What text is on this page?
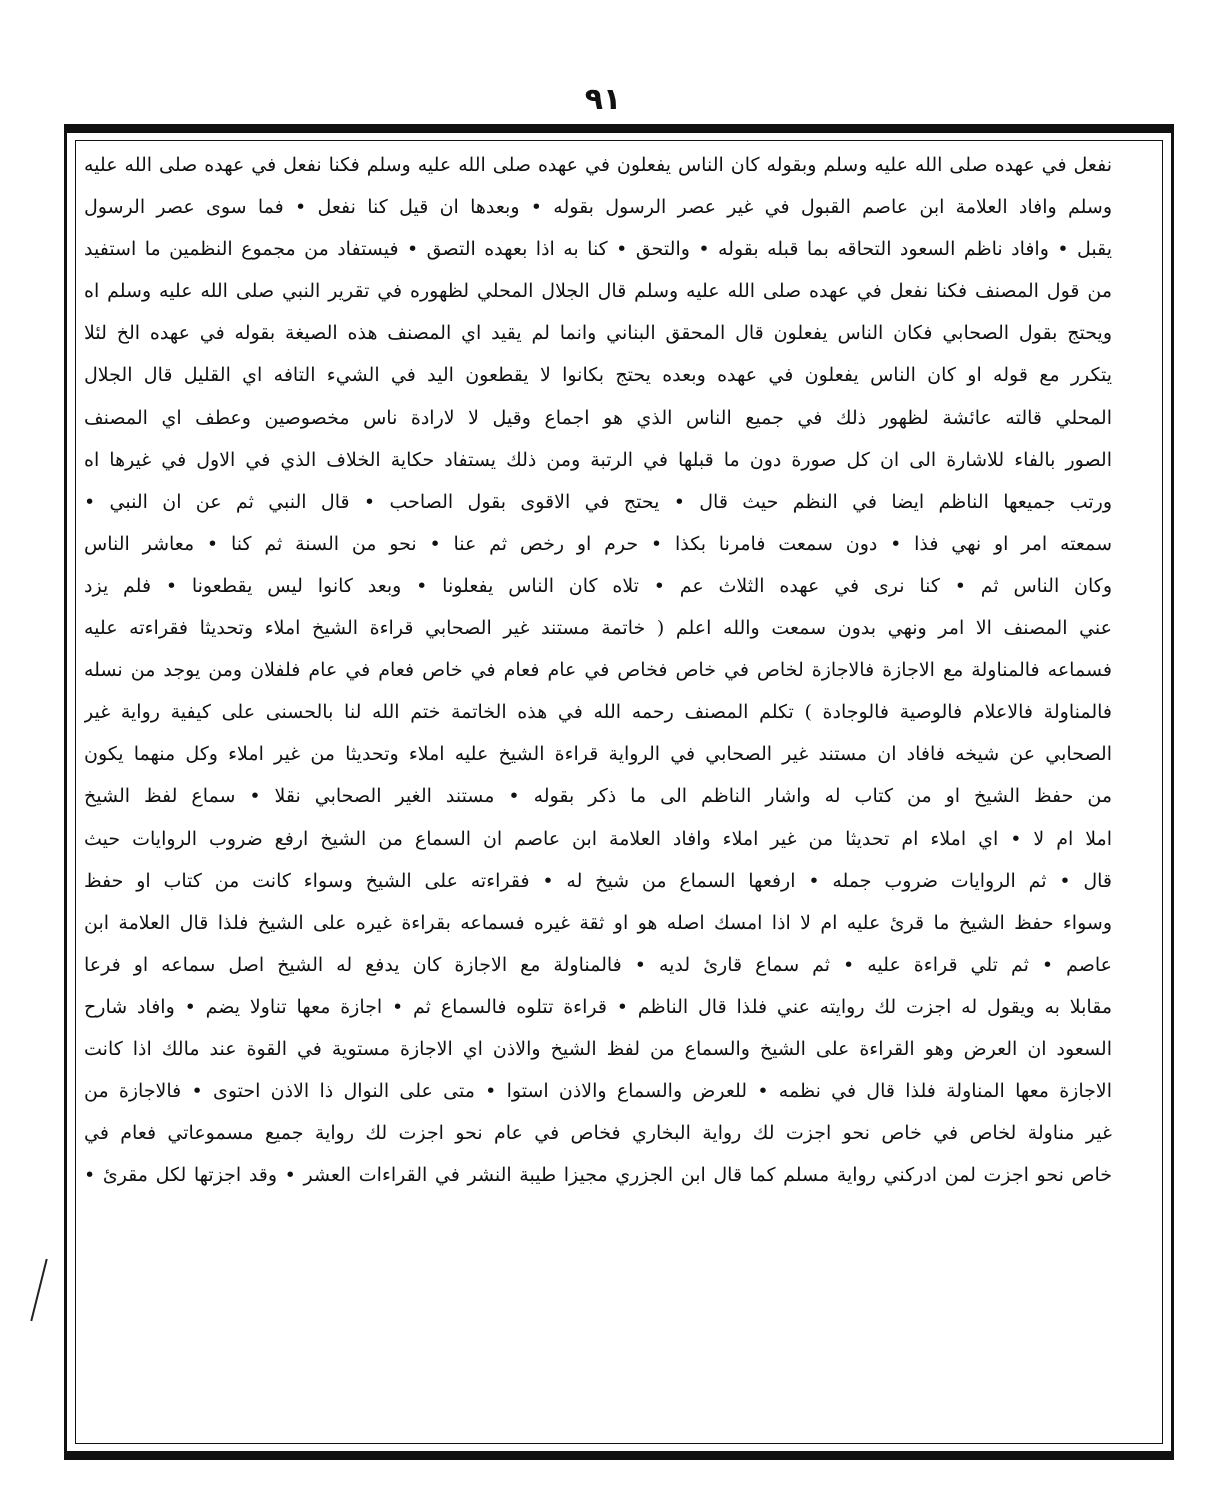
٩١
نفعل في عهده صلى الله عليه وسلم وبقوله كان الناس يفعلون في عهده صلى الله عليه وسلم فكنا نفعل في عهده صلى الله عليه
وسلم وافاد العلامة ابن عاصم القبول في غير عصر الرسول بقوله • وبعدها ان قيل كنا نفعل • فما سوى عصر الرسول
يقبل • وافاد ناظم السعود التحاقه بما قبله بقوله • والتحق • كنا به اذا بعهده التصق • فيستفاد من مجموع النظمين ما استفيد
من قول المصنف فكنا نفعل في عهده صلى الله عليه وسلم قال الجلال المحلي لظهوره في تقرير النبي صلى الله عليه وسلم اه
ويحتج بقول الصحابي فكان الناس يفعلون قال المحقق البناني وانما لم يقيد اي المصنف هذه الصيغة بقوله في عهده الخ لئلا
يتكرر مع قوله او كان الناس يفعلون في عهده وبعده يحتج بكانوا لا يقطعون اليد في الشيء التافه اي القليل قال الجلال
المحلي قالته عائشة لظهور ذلك في جميع الناس الذي هو اجماع وقيل لا لارادة ناس مخصوصين وعطف اي المصنف
الصور بالفاء للاشارة الى ان كل صورة دون ما قبلها في الرتبة ومن ذلك يستفاد حكاية الخلاف الذي في الاول في غيرها اه
ورتب جميعها الناظم ايضا في النظم حيث قال • يحتج في الاقوى بقول الصاحب • قال النبي ثم عن ان النبي •
سمعته امر او نهي فذا • دون سمعت فامرنا بكذا • حرم او رخص ثم عنا • نحو من السنة ثم كنا • معاشر الناس
وكان الناس ثم • كنا نرى في عهده الثلاث عم • تلاه كان الناس يفعلونا • وبعد كانوا ليس يقطعونا • فلم يزد
عني المصنف الا امر ونهي بدون سمعت والله اعلم ( خاتمة مستند غير الصحابي قراءة الشيخ املاء وتحديثا فقراءته عليه
فسماعه فالمناولة مع الاجازة فالاجازة لخاص في خاص فخاص في عام فعام في خاص فعام في عام فلفلان ومن يوجد من نسله
فالمناولة فالاعلام فالوصية فالوجادة ) تكلم المصنف رحمه الله في هذه الخاتمة ختم الله لنا بالحسنى على كيفية رواية غير
الصحابي عن شيخه فافاد ان مستند غير الصحابي في الرواية قراءة الشيخ عليه املاء وتحديثا من غير املاء وكل منهما يكون
من حفظ الشيخ او من كتاب له واشار الناظم الى ما ذكر بقوله • مستند الغير الصحابي نقلا • سماع لفظ الشيخ
املا ام لا • اي املاء ام تحديثا من غير املاء وافاد العلامة ابن عاصم ان السماع من الشيخ ارفع ضروب الروايات حيث
قال • ثم الروايات ضروب جمله • ارفعها السماع من شيخ له • فقراءته على الشيخ وسواء كانت من كتاب او حفظ
وسواء حفظ الشيخ ما قرئ عليه ام لا اذا امسك اصله هو او ثقة غيره فسماعه بقراءة غيره على الشيخ فلذا قال العلامة ابن
عاصم • ثم تلي قراءة عليه • ثم سماع قارئ لديه • فالمناولة مع الاجازة كان يدفع له الشيخ اصل سماعه او فرعا
مقابلا به ويقول له اجزت لك روايته عني فلذا قال الناظم • قراءة تتلوه فالسماع ثم • اجازة معها تناولا يضم • وافاد شارح
السعود ان العرض وهو القراءة على الشيخ والسماع من لفظ الشيخ والاذن اي الاجازة مستوية في القوة عند مالك اذا كانت
الاجازة معها المناولة فلذا قال في نظمه • للعرض والسماع والاذن استوا • متى على النوال ذا الاذن احتوى • فالاجازة من
غير مناولة لخاص في خاص نحو اجزت لك رواية البخاري فخاص في عام نحو اجزت لك رواية جميع مسموعاتي فعام في
خاص نحو اجزت لمن ادركني رواية مسلم كما قال ابن الجزري مجيزا طيبة النشر في القراءات العشر • وقد اجزتها لكل مقرئ •
